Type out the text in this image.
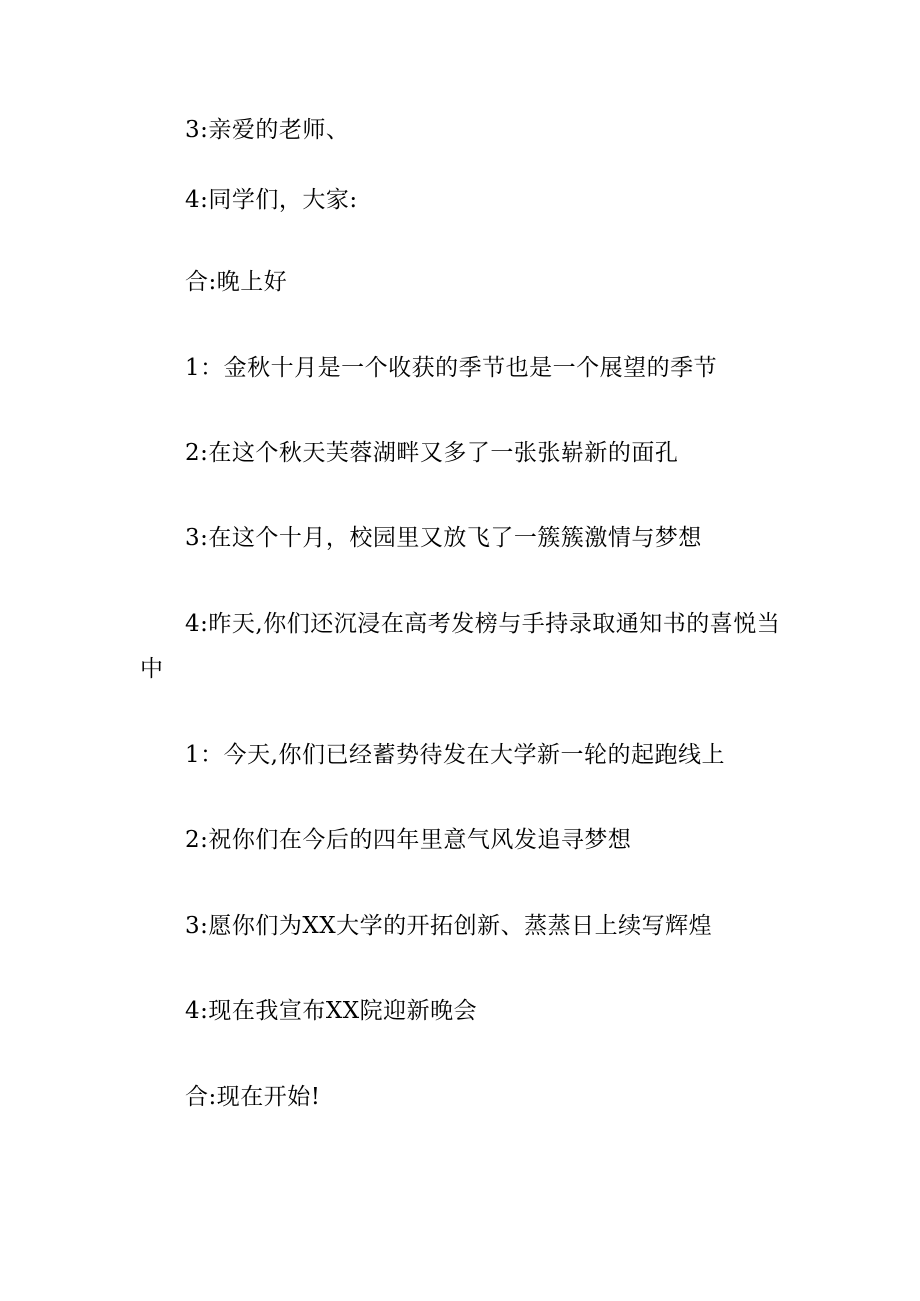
3:亲爱的老师、
4:同学们，大家:
合:晚上好
1：金秋十月是一个收获的季节也是一个展望的季节
2:在这个秋天芙蓉湖畔又多了一张张崭新的面孔
3:在这个十月，校园里又放飞了一簇簇激情与梦想
4:昨天,你们还沉浸在高考发榜与手持录取通知书的喜悦当
中
1：今天,你们已经蓄势待发在大学新一轮的起跑线上
2:祝你们在今后的四年里意气风发追寻梦想
3:愿你们为XX大学的开拓创新、蒸蒸日上续写辉煌
4:现在我宣布XX院迎新晚会
合:现在开始!
